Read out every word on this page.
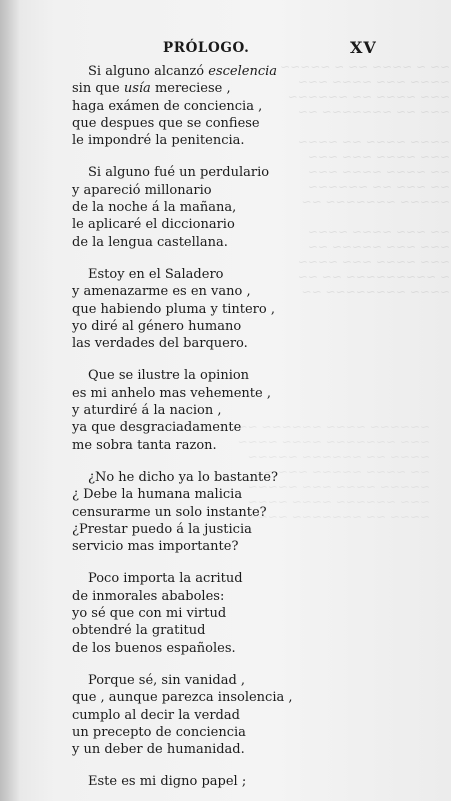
~~ ~ ~~~~ ~~ ~ ~~~~~
~~~~ ~~~ ~~~~ ~~~
~~~ ~~~~ ~~ ~~~~~~
~~~ ~~ ~~~~~~~ ~~

~~~~ ~~~~ ~~ ~~~~
~~~ ~~~~ ~~~ ~~~
~~ ~~~~ ~~~~ ~~~
~~ ~~~ ~~ ~~~~~~
~~~~~ ~~~~~~~ ~~

~~ ~~~ ~~~~ ~~~~
~~~ ~~~ ~~~~~ ~~
~~~ ~~~~ ~~~ ~~~~
~ ~~~~~~~~~ ~~ ~~
~~~~ ~~~~~~~~ ~~
~~~~~~ ~~~~ ~~~~~~ ~~
~~~ ~~~~~~~ ~~~~ ~~~~
~~~~ ~~ ~~~~~~ ~~~~~
~~ ~~~~ ~~~~~ ~~~ ~~
~~~~~ ~~~~ ~~~ ~~~~~
~~~ ~~~~~~ ~~~~ ~~~~
~~~~ ~~ ~~~~~~~ ~~~~
PRÓLOGO.	XV
Si alguno alcanzó escelencia
sin que usía mereciese ,
haga exámen de conciencia ,
que despues que se confiese
le impondré la penitencia.
Si alguno fué un perdulario
y apareció millonario
de la noche á la mañana,
le aplicaré el diccionario
de la lengua castellana.
Estoy en el Saladero
y amenazarme es en vano ,
que habiendo pluma y tintero ,
yo diré al género humano
las verdades del barquero.
Que se ilustre la opinion
es mi anhelo mas vehemente ,
y aturdiré á la nacion ,
ya que desgraciadamente
me sobra tanta razon.
¿No he dicho ya lo bastante?
¿ Debe la humana malicia
censurarme un solo instante?
¿Prestar puedo á la justicia
servicio mas importante?
Poco importa la acritud
de inmorales ababoles:
yo sé que con mi virtud
obtendré la gratitud
de los buenos españoles.
Porque sé, sin vanidad ,
que , aunque parezca insolencia ,
cumplo al decir la verdad
un precepto de conciencia
y un deber de humanidad.
Este es mi digno papel ;
